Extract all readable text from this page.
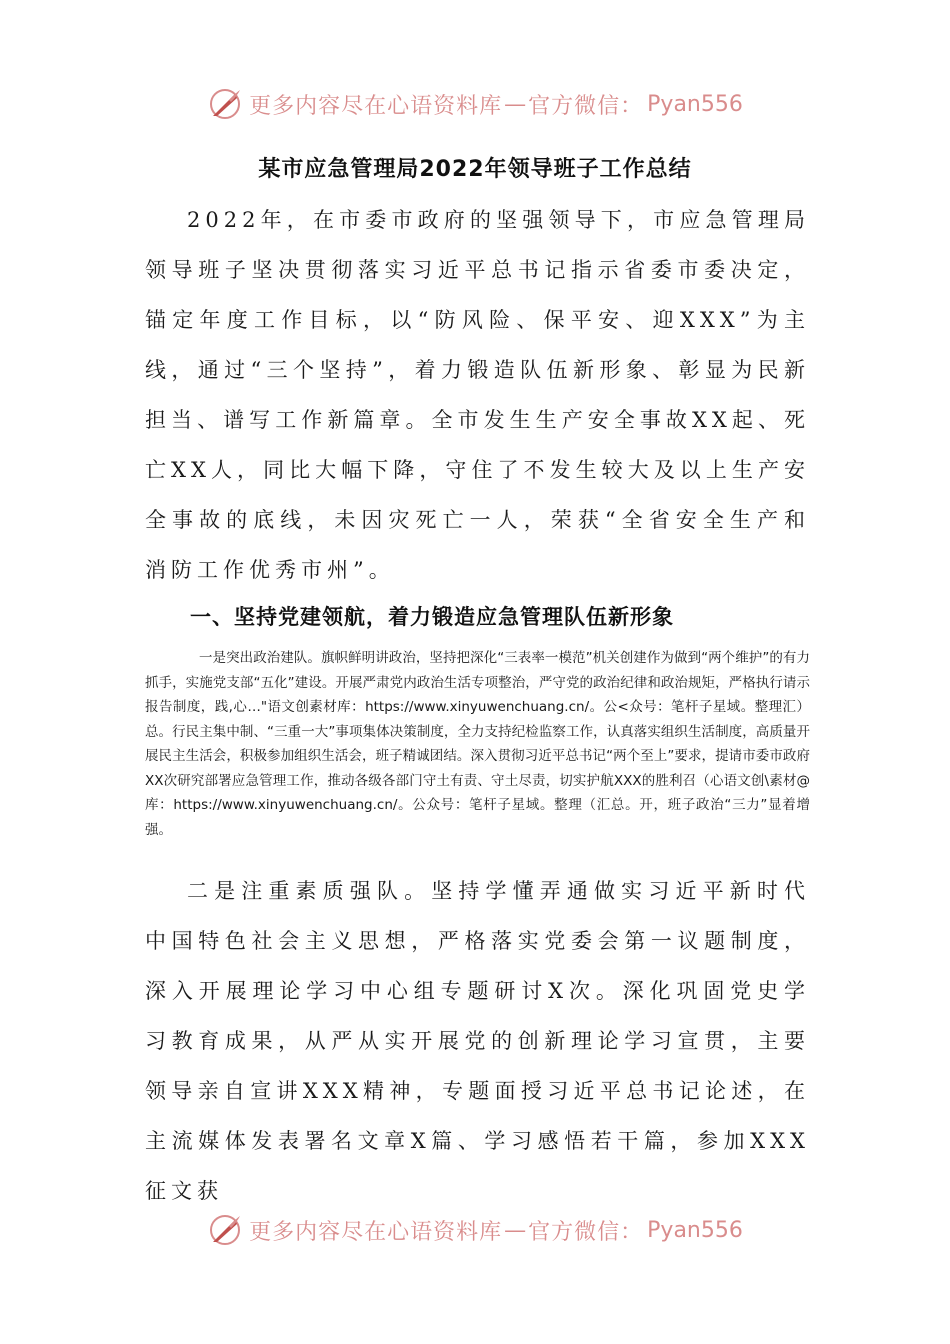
更多内容尽在心语资料库 — 官方微信： Pyan556
某市应急管理局2022年领导班子工作总结

2022年，在市委市政府的坚强领导下，市应急管理局领导班子坚决贯彻落实习近平总书记指示省委市委决定，锚定年度工作目标，以“防风险、保平安、迎XXX”为主线，通过“三个坚持”，着力锻造队伍新形象、彰显为民新担当、谱写工作新篇章。全市发生生产安全事故XX起、死亡XX人，同比大幅下降，守住了不发生较大及以上生产安全事故的底线，未因灾死亡一人，荣获“全省安全生产和消防工作优秀市州”。

一、坚持党建领航，着力锻造应急管理队伍新形象

一是突出政治建队。旗帜鲜明讲政治，坚持把深化“三表率一模范”机关创建作为做到“两个维护”的有力抓手，实施党支部“五化”建设。开展严肃党内政治生活专项整治，严守党的政治纪律和政治规矩，严格执行请示报告制度，践,心…"语文创素材库：https://www.xinyuwenchuang.cn/。公<众号：笔杆子星域。整理汇）总。行民主集中制、“三重一大”事项集体决策制度，全力支持纪检监察工作，认真落实组织生活制度，高质量开展民主生活会，积极参加组织生活会，班子精诚团结。深入贯彻习近平总书记“两个至上”要求，提请市委市政府XX次研究部署应急管理工作，推动各级各部门守土有责、守土尽责，切实护航XXX的胜利召（心语文创\素材@库：https://www.xinyuwenchuang.cn/。公众号：笔杆子星域。整理（汇总。开，班子政治“三力”显着增强。

二是注重素质强队。坚持学懂弄通做实习近平新时代中国特色社会主义思想，严格落实党委会第一议题制度，深入开展理论学习中心组专题研讨X次。深化巩固党史学习教育成果，从严从实开展党的创新理论学习宣贯，主要领导亲自宣讲XXX精神，专题面授习近平总书记论述，在主流媒体发表署名文章X篇、学习感悟若干篇，参加XXX征文获

更多内容尽在心语资料库 — 官方微信： Pyan556
